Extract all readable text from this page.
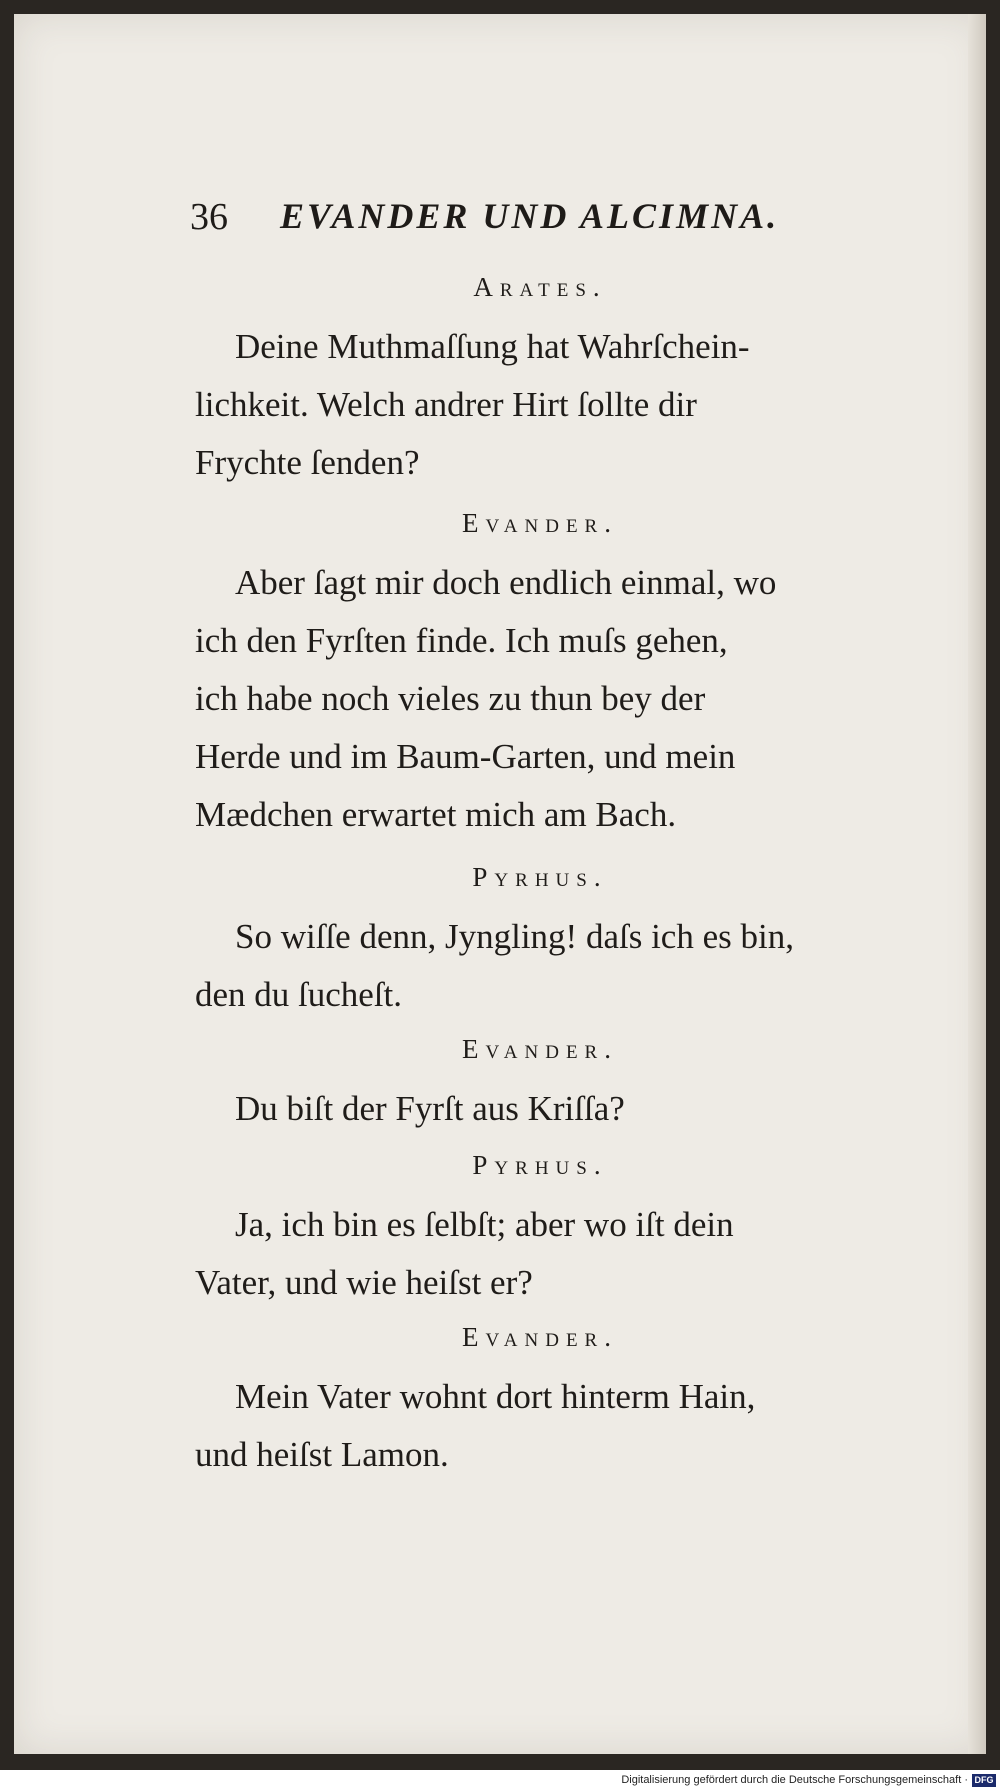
36 EVANDER UND ALCIMNA.
Arates.
Deine Muthmaſſung hat Wahrſchein-
lichkeit. Welch andrer Hirt ſollte dir
Frychte ſenden?
Evander.
Aber ſagt mir doch endlich einmal, wo
ich den Fyrſten finde. Ich muſs gehen,
ich habe noch vieles zu thun bey der
Herde und im Baum-Garten, und mein
Mædchen erwartet mich am Bach.
Pyrhus.
So wiſſe denn, Jyngling! daſs ich es bin,
den du ſucheſt.
Evander.
Du biſt der Fyrſt aus Kriſſa?
Pyrhus.
Ja, ich bin es ſelbſt; aber wo iſt dein
Vater, und wie heiſst er?
Evander.
Mein Vater wohnt dort hinterm Hain,
und heiſst Lamon.
Digitalisierung gefördert durch die Deutsche Forschungsgemeinschaft · DFG
